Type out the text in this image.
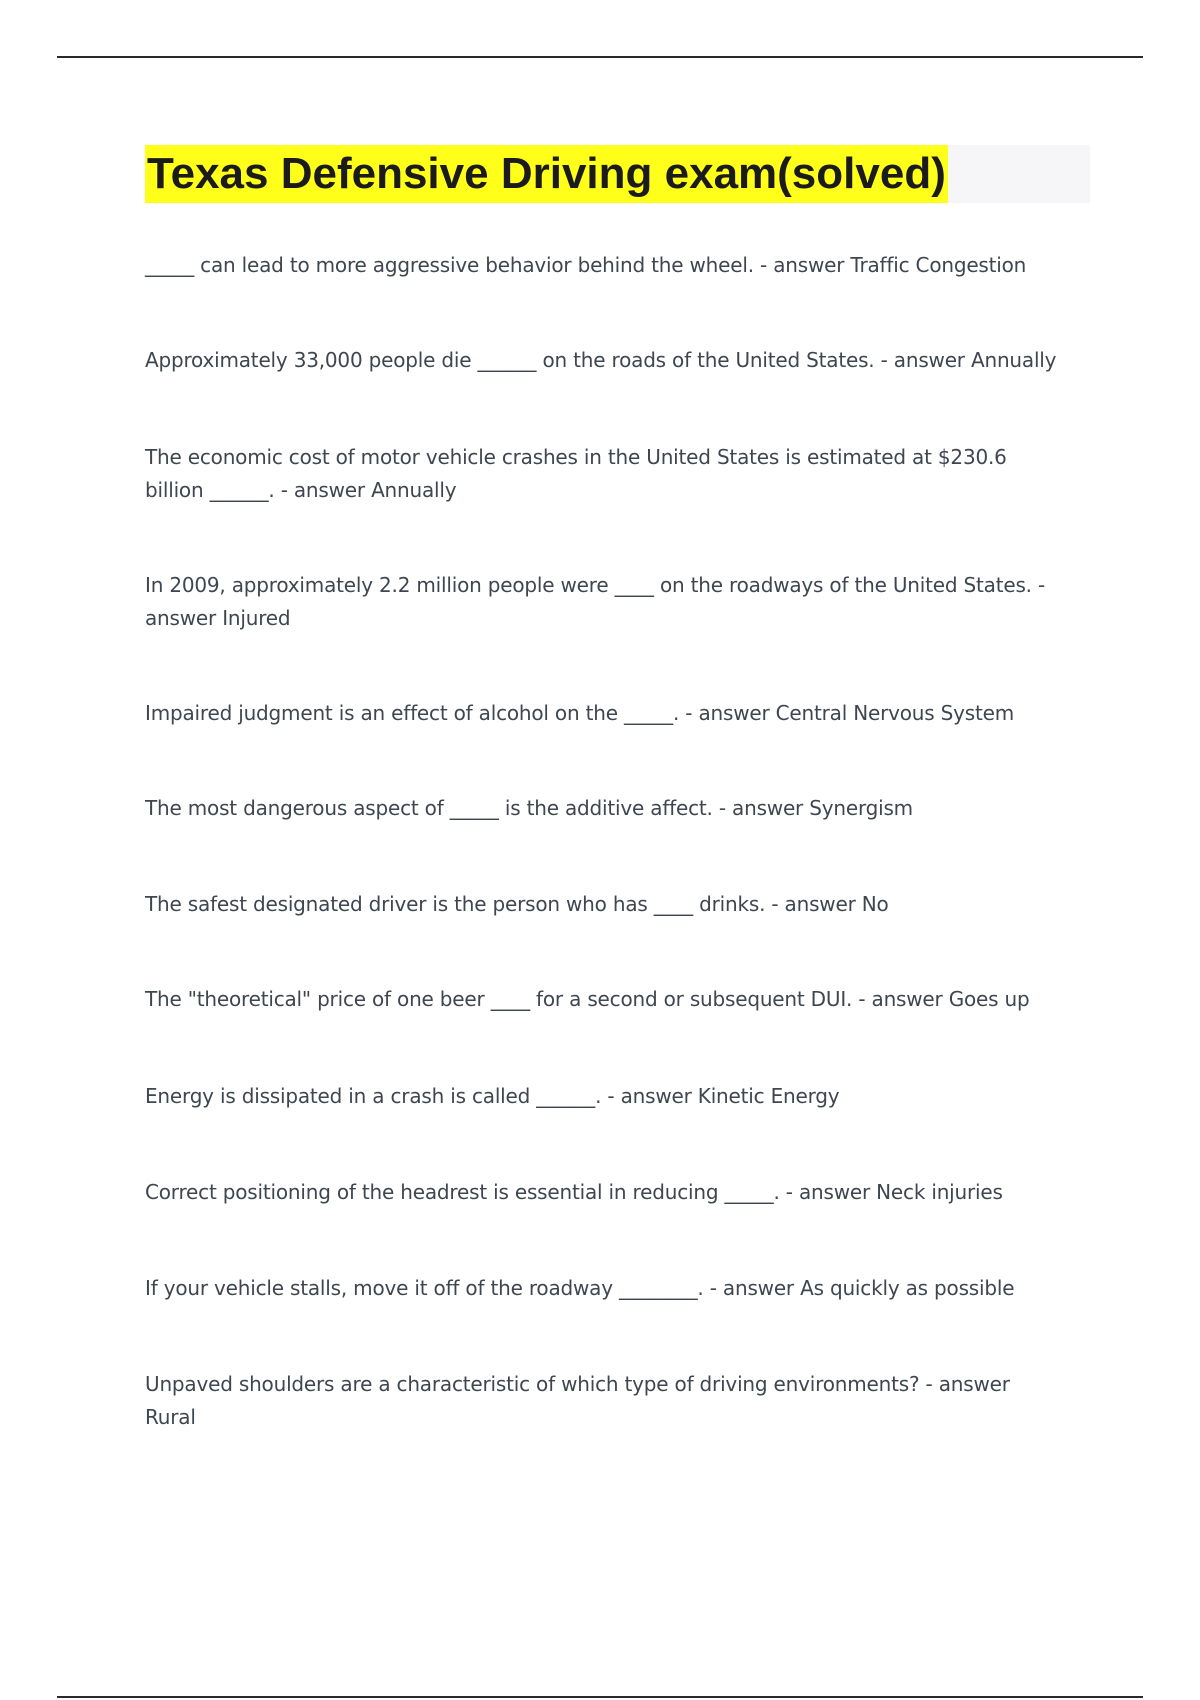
Texas Defensive Driving exam(solved)
_____ can lead to more aggressive behavior behind the wheel. - answer Traffic Congestion
Approximately 33,000 people die ______ on the roads of the United States. - answer Annually
The economic cost of motor vehicle crashes in the United States is estimated at $230.6 billion ______. - answer Annually
In 2009, approximately 2.2 million people were ____ on the roadways of the United States. - answer Injured
Impaired judgment is an effect of alcohol on the _____. - answer Central Nervous System
The most dangerous aspect of _____ is the additive affect. - answer Synergism
The safest designated driver is the person who has ____ drinks. - answer No
The "theoretical" price of one beer ____ for a second or subsequent DUI. - answer Goes up
Energy is dissipated in a crash is called ______. - answer Kinetic Energy
Correct positioning of the headrest is essential in reducing _____. - answer Neck injuries
If your vehicle stalls, move it off of the roadway ________. - answer As quickly as possible
Unpaved shoulders are a characteristic of which type of driving environments? - answer Rural
